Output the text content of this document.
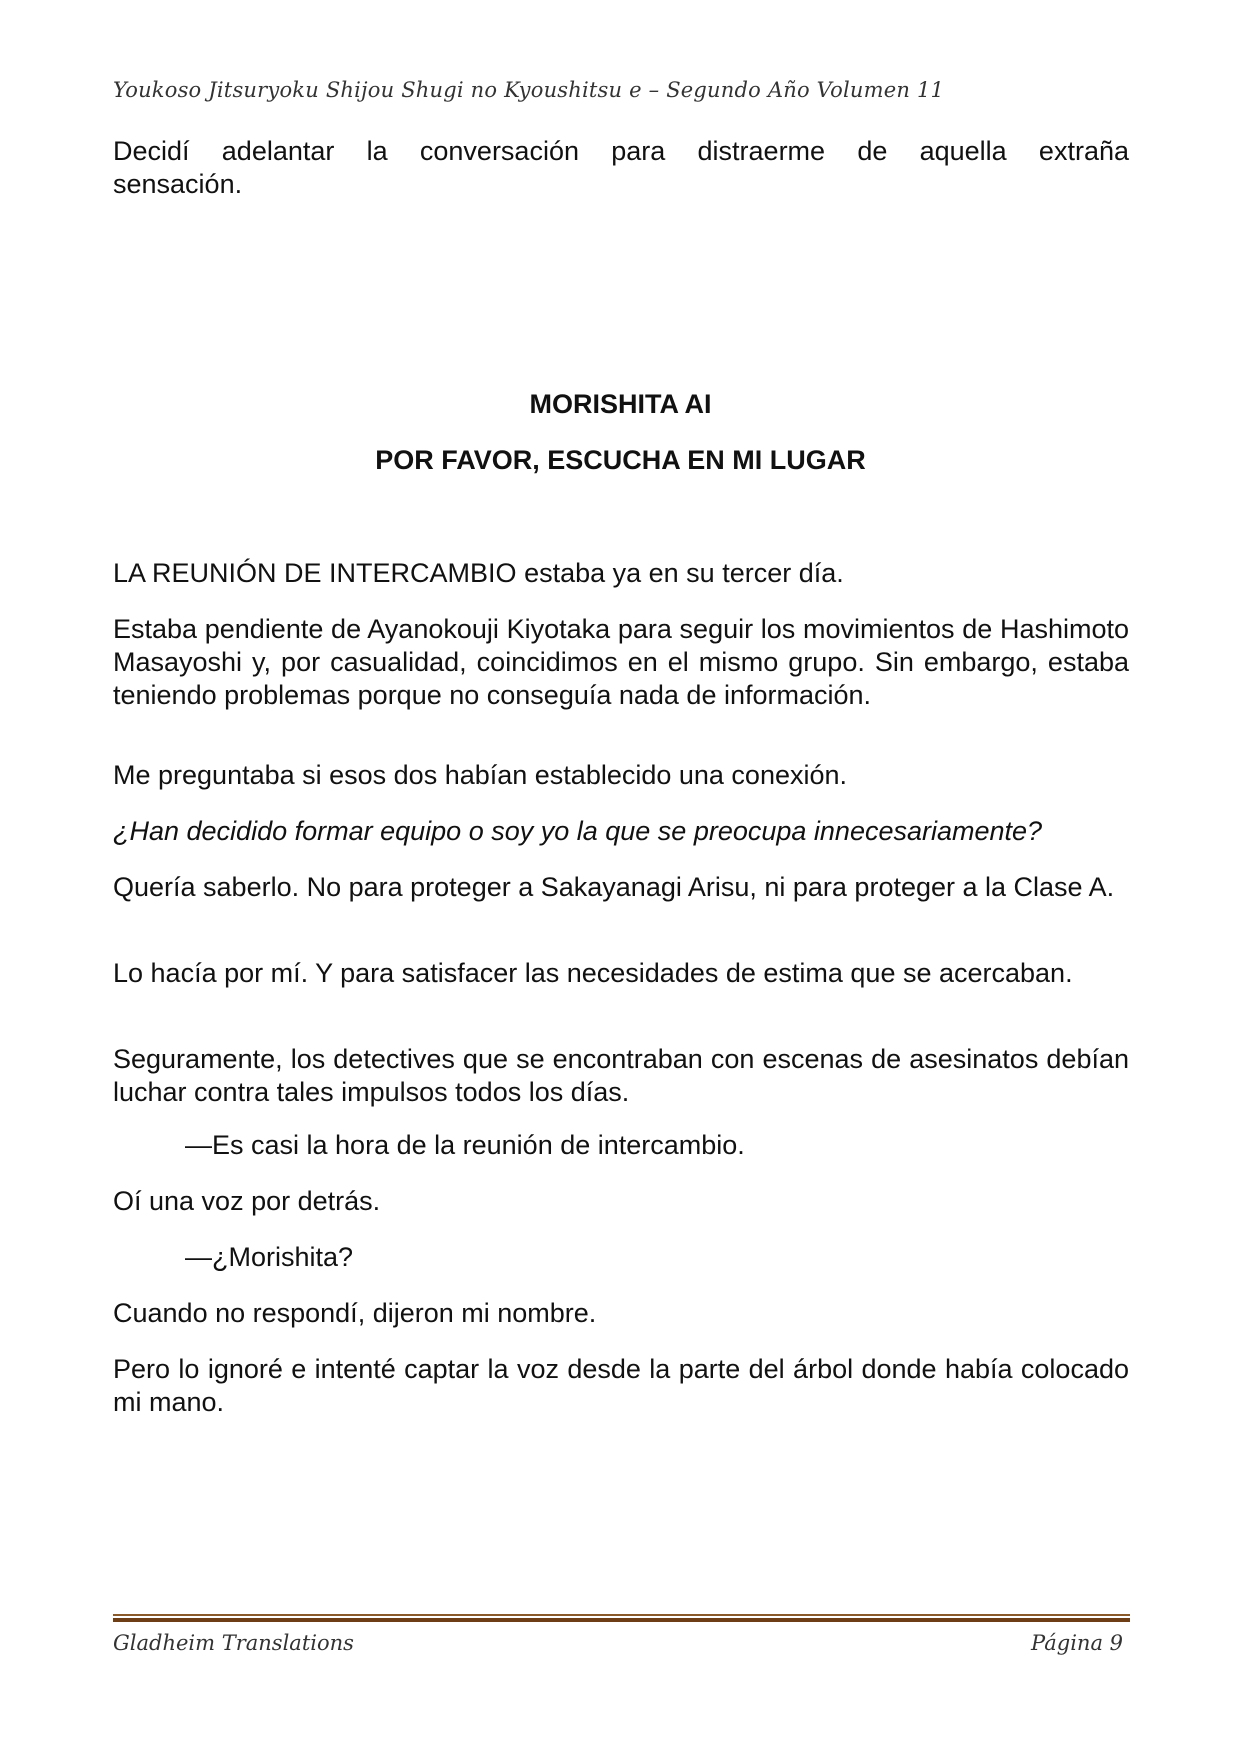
Youkoso Jitsuryoku Shijou Shugi no Kyoushitsu e – Segundo Año Volumen 11

Decidí adelantar la conversación para distraerme de aquella extraña

sensación.

MORISHITA AI
POR FAVOR, ESCUCHA EN MI LUGAR

LA REUNIÓN DE INTERCAMBIO estaba ya en su tercer día.

Estaba pendiente de Ayanokouji Kiyotaka para seguir los movimientos de Hashimoto Masayoshi y, por casualidad, coincidimos en el mismo grupo. Sin embargo, estaba teniendo problemas porque no conseguía nada de información.

Me preguntaba si esos dos habían establecido una conexión.

¿Han decidido formar equipo o soy yo la que se preocupa innecesariamente?

Quería saberlo. No para proteger a Sakayanagi Arisu, ni para proteger a la Clase A.

Lo hacía por mí. Y para satisfacer las necesidades de estima que se acercaban.

Seguramente, los detectives que se encontraban con escenas de asesinatos debían luchar contra tales impulsos todos los días.

—Es casi la hora de la reunión de intercambio.

Oí una voz por detrás.

—¿Morishita?

Cuando no respondí, dijeron mi nombre.

Pero lo ignoré e intenté captar la voz desde la parte del árbol donde había colocado mi mano.

Gladheim Translations	Página 9
